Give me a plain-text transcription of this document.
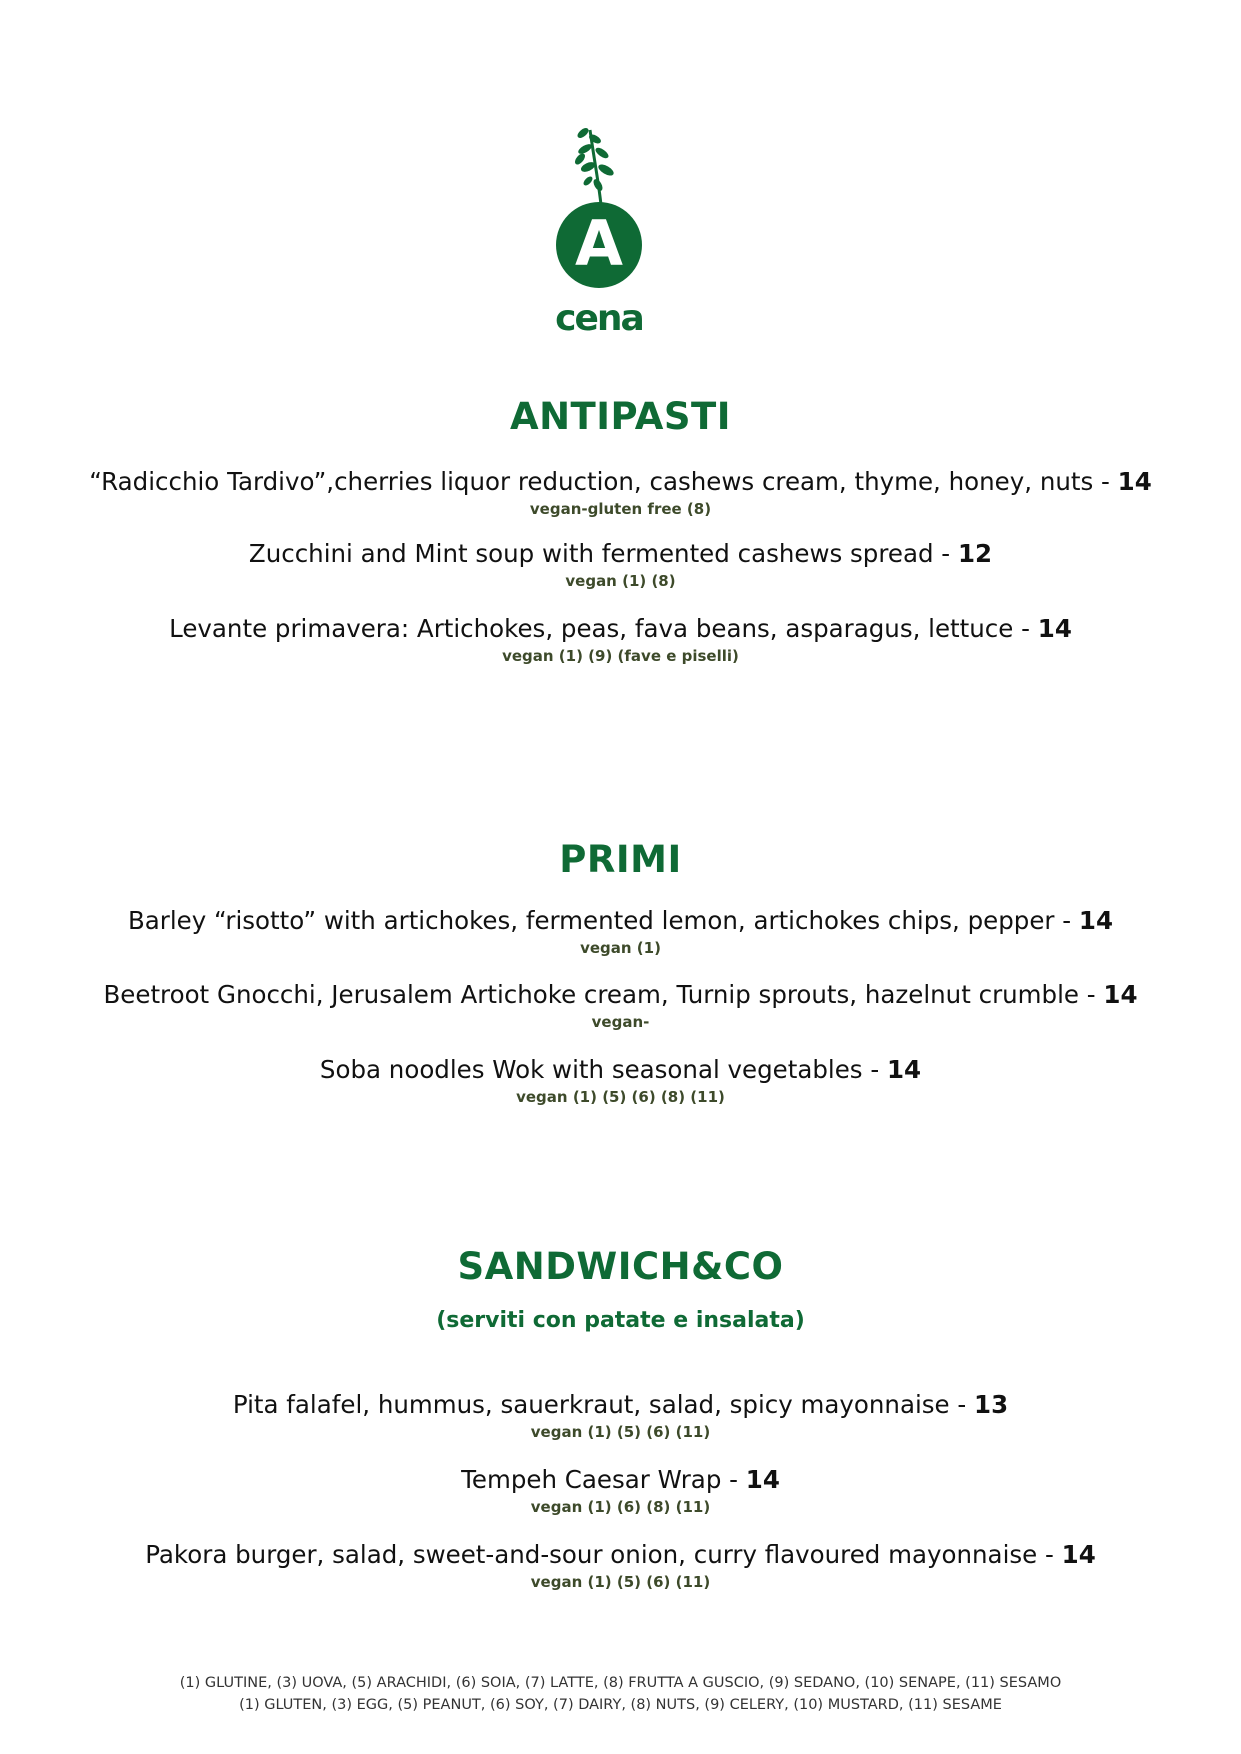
A
cena
ANTIPASTI
“Radicchio Tardivo”,cherries liquor reduction, cashews cream, thyme, honey, nuts - 14
vegan-gluten free (8)
Zucchini and Mint soup with fermented cashews spread - 12
vegan (1) (8)
Levante primavera: Artichokes, peas, fava beans, asparagus, lettuce - 14
vegan (1) (9) (fave e piselli)
PRIMI
Barley “risotto” with artichokes, fermented lemon, artichokes chips, pepper - 14
vegan (1)
Beetroot Gnocchi, Jerusalem Artichoke cream, Turnip sprouts, hazelnut crumble - 14
vegan-
Soba noodles Wok with seasonal vegetables - 14
vegan (1) (5) (6) (8) (11)
SANDWICH&CO
(serviti con patate e insalata)
Pita falafel, hummus, sauerkraut, salad, spicy mayonnaise - 13
vegan (1) (5) (6) (11)
Tempeh Caesar Wrap - 14
vegan (1) (6) (8) (11)
Pakora burger, salad, sweet-and-sour onion, curry flavoured mayonnaise - 14
vegan (1) (5) (6) (11)
(1) GLUTINE, (3) UOVA, (5) ARACHIDI, (6) SOIA, (7) LATTE, (8) FRUTTA A GUSCIO, (9) SEDANO, (10) SENAPE, (11) SESAMO
(1) GLUTEN, (3) EGG, (5) PEANUT, (6) SOY, (7) DAIRY, (8) NUTS, (9) CELERY, (10) MUSTARD, (11) SESAME
